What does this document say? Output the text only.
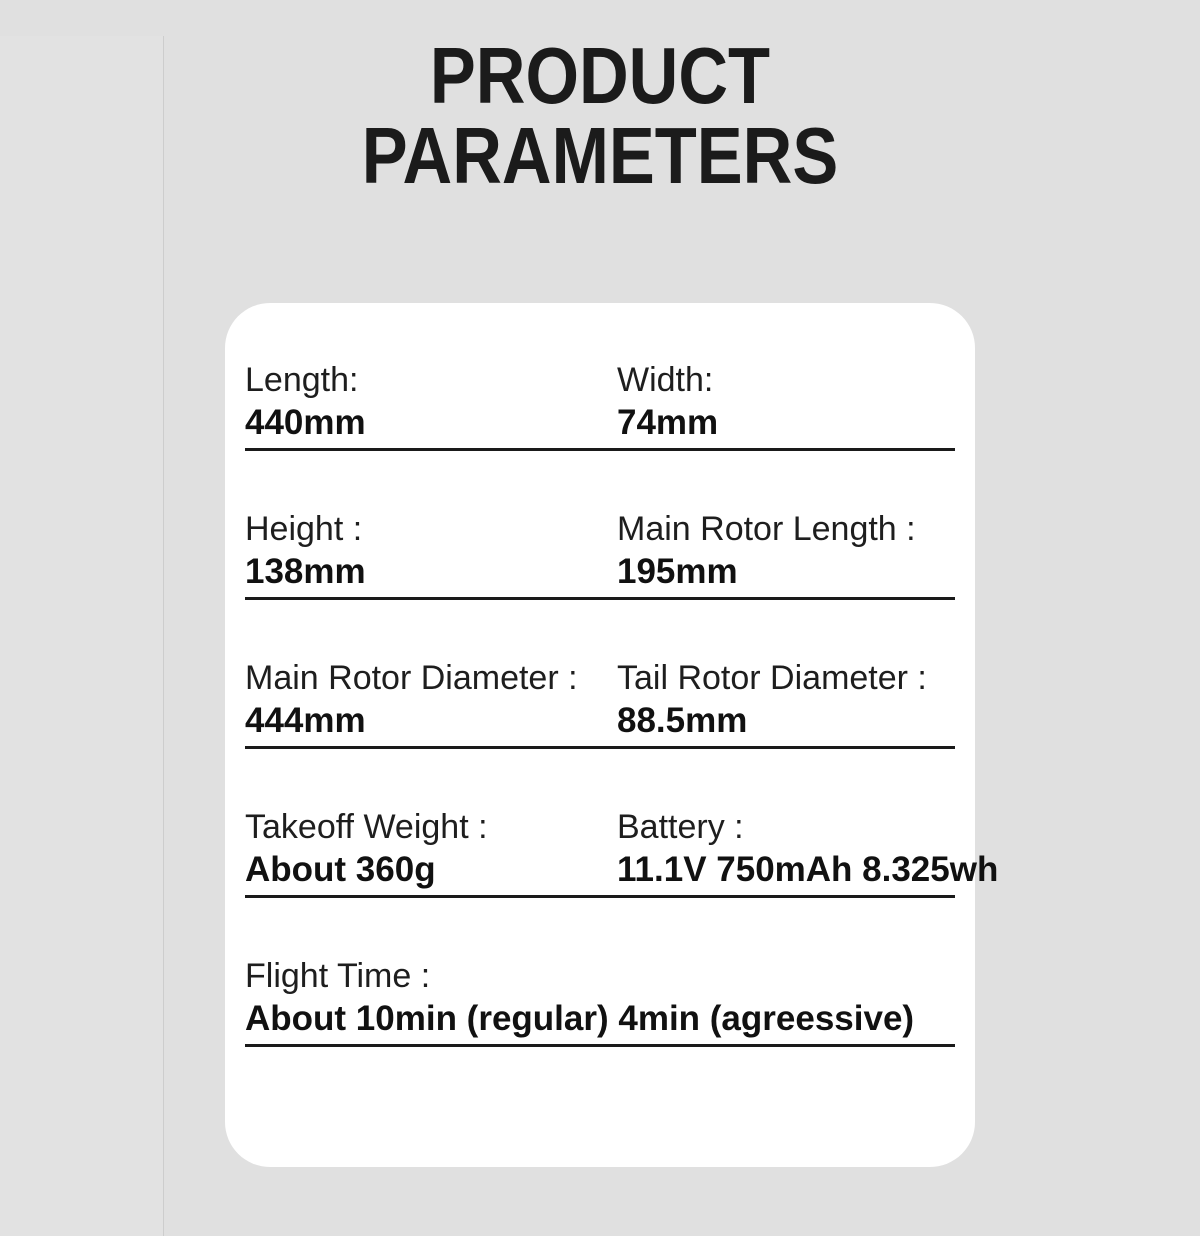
PRODUCT
PARAMETERS
Length:
440mm
Width:
74mm
Height :
138mm
Main Rotor Length :
195mm
Main Rotor Diameter :
444mm
Tail Rotor Diameter :
88.5mm
Takeoff Weight :
About 360g
Battery :
11.1V 750mAh 8.325wh
Flight Time :
About 10min (regular) 4min (agreessive)
